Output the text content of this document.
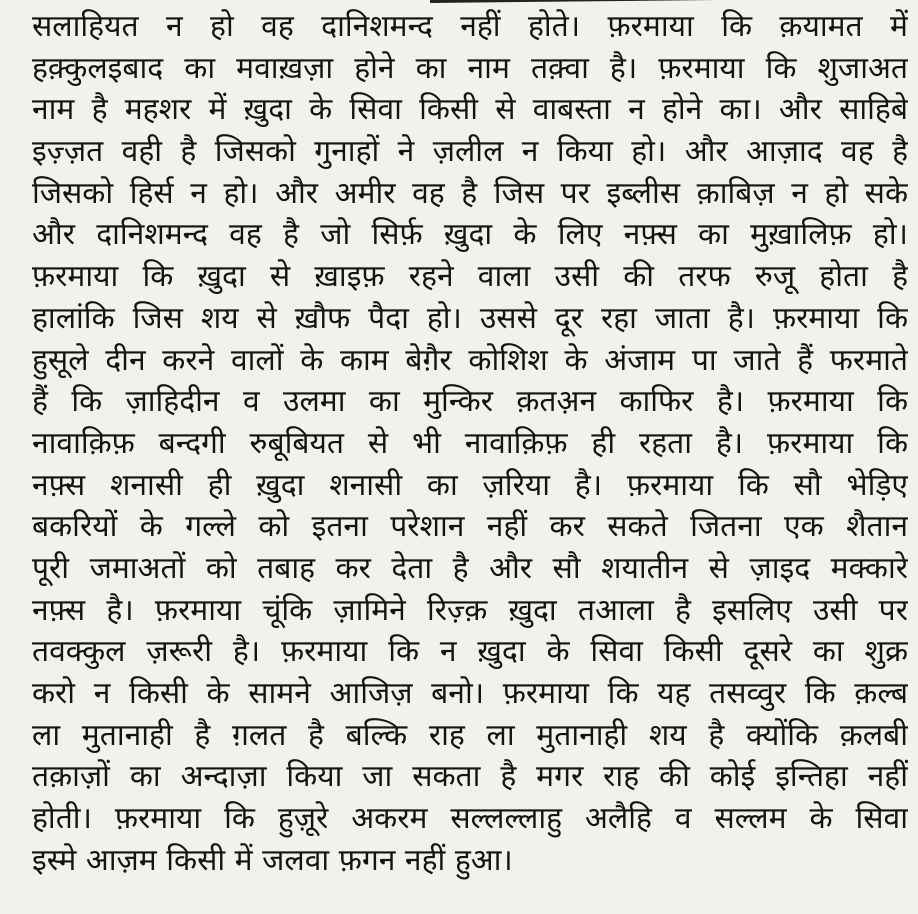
सलाहियत न हो वह दानिशमन्द नहीं होते। फ़रमाया कि क़यामत में
हक़्कुलइबाद का मवाख़ज़ा होने का नाम तक़्वा है। फ़रमाया कि शुजाअत
नाम है महशर में ख़ुदा के सिवा किसी से वाबस्ता न होने का। और साहिबे
इज़्ज़त वही है जिसको गुनाहों ने ज़लील न किया हो। और आज़ाद वह है
जिसको हिर्स न हो। और अमीर वह है जिस पर इब्लीस क़ाबिज़ न हो सके
और दानिशमन्द वह है जो सिर्फ़ ख़ुदा के लिए नफ़्स का मुख़ालिफ़ हो।
फ़रमाया कि ख़ुदा से ख़ाइफ़ रहने वाला उसी की तरफ रुजू होता है
हालांकि जिस शय से ख़ौफ पैदा हो। उससे दूर रहा जाता है। फ़रमाया कि
हुसूले दीन करने वालों के काम बेग़ैर कोशिश के अंजाम पा जाते हैं फरमाते
हैं कि ज़ाहिदीन व उलमा का मुन्किर क़तअ़न काफिर है। फ़रमाया कि
नावाक़िफ़ बन्दगी रुबूबियत से भी नावाक़िफ़ ही रहता है। फ़रमाया कि
नफ़्स शनासी ही ख़ुदा शनासी का ज़रिया है। फ़रमाया कि सौ भेड़िए
बकरियों के गल्ले को इतना परेशान नहीं कर सकते जितना एक शैतान
पूरी जमाअतों को तबाह कर देता है और सौ शयातीन से ज़ाइद मक्कारे
नफ़्स है। फ़रमाया चूंकि ज़ामिने रिज़्क़ ख़ुदा तआला है इसलिए उसी पर
तवक्कुल ज़रूरी है। फ़रमाया कि न ख़ुदा के सिवा किसी दूसरे का शुक्र
करो न किसी के सामने आजिज़ बनो। फ़रमाया कि यह तसव्वुर कि क़ल्ब
ला मुतानाही है ग़लत है बल्कि राह ला मुतानाही शय है क्योंकि क़लबी
तक़ाज़ों का अन्दाज़ा किया जा सकता है मगर राह की कोई इन्तिहा नहीं
होती। फ़रमाया कि हुज़ूरे अकरम सल्लल्लाहु अलैहि व सल्लम के सिवा
इस्मे आज़म किसी में जलवा फ़गन नहीं हुआ।
